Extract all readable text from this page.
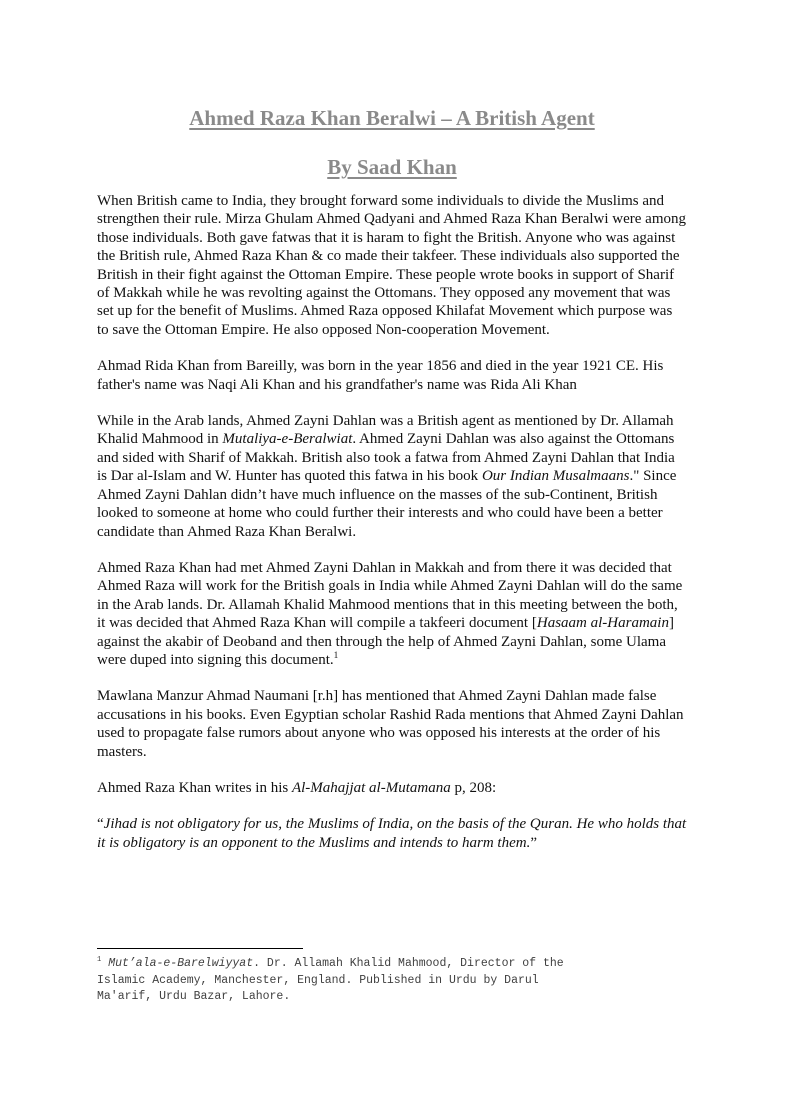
Ahmed Raza Khan Beralwi – A British Agent
By Saad Khan

When British came to India, they brought forward some individuals to divide the Muslims and strengthen their rule. Mirza Ghulam Ahmed Qadyani and Ahmed Raza Khan Beralwi were among those individuals. Both gave fatwas that it is haram to fight the British. Anyone who was against the British rule, Ahmed Raza Khan & co made their takfeer. These individuals also supported the British in their fight against the Ottoman Empire. These people wrote books in support of Sharif of Makkah while he was revolting against the Ottomans. They opposed any movement that was set up for the benefit of Muslims. Ahmed Raza opposed Khilafat Movement which purpose was to save the Ottoman Empire. He also opposed Non-cooperation Movement.

Ahmad Rida Khan from Bareilly, was born in the year 1856 and died in the year 1921 CE. His father's name was Naqi Ali Khan and his grandfather's name was Rida Ali Khan

While in the Arab lands, Ahmed Zayni Dahlan was a British agent as mentioned by Dr. Allamah Khalid Mahmood in Mutaliya-e-Beralwiat. Ahmed Zayni Dahlan was also against the Ottomans and sided with Sharif of Makkah. British also took a fatwa from Ahmed Zayni Dahlan that India is Dar al-Islam and W. Hunter has quoted this fatwa in his book Our Indian Musalmaans." Since Ahmed Zayni Dahlan didn’t have much influence on the masses of the sub-Continent, British looked to someone at home who could further their interests and who could have been a better candidate than Ahmed Raza Khan Beralwi.

Ahmed Raza Khan had met Ahmed Zayni Dahlan in Makkah and from there it was decided that Ahmed Raza will work for the British goals in India while Ahmed Zayni Dahlan will do the same in the Arab lands. Dr. Allamah Khalid Mahmood mentions that in this meeting between the both, it was decided that Ahmed Raza Khan will compile a takfeeri document [Hasaam al-Haramain] against the akabir of Deoband and then through the help of Ahmed Zayni Dahlan, some Ulama were duped into signing this document.$^1$

Mawlana Manzur Ahmad Naumani [r.h] has mentioned that Ahmed Zayni Dahlan made false accusations in his books. Even Egyptian scholar Rashid Rada mentions that Ahmed Zayni Dahlan used to propagate false rumors about anyone who was opposed his interests at the order of his masters.

Ahmed Raza Khan writes in his Al-Mahajjat al-Mutamana p, 208:

“Jihad is not obligatory for us, the Muslims of India, on the basis of the Quran. He who holds that it is obligatory is an opponent to the Muslims and intends to harm them.”

$^1$ Mut’ala-e-Barelwiyyat. Dr. Allamah Khalid Mahmood, Director of the Islamic Academy, Manchester, England. Published in Urdu by Darul Ma'arif, Urdu Bazar, Lahore.
